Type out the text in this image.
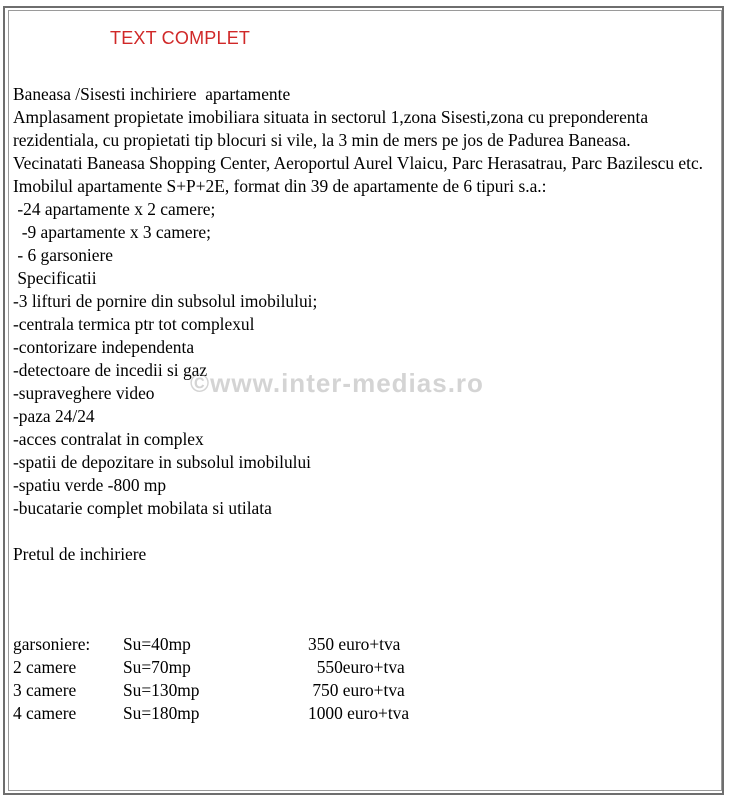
TEXT COMPLET
Baneasa /Sisesti inchiriere  apartamente
Amplasament propietate imobiliara situata in sectorul 1,zona Sisesti,zona cu preponderenta rezidentiala, cu propietati tip blocuri si vile, la 3 min de mers pe jos de Padurea Baneasa.
Vecinatati Baneasa Shopping Center, Aeroportul Aurel Vlaicu, Parc Herasatrau, Parc Bazilescu etc.
Imobilul apartamente S+P+2E, format din 39 de apartamente de 6 tipuri s.a.:
-24 apartamente x 2 camere;
-9 apartamente x 3 camere;
- 6 garsoniere
Specificatii
-3 lifturi de pornire din subsolul imobilului;
-centrala termica ptr tot complexul
-contorizare independenta
-detectoare de incedii si gaz
-supraveghere video
-paza 24/24
-acces contralat in complex
-spatii de depozitare in subsolul imobilului
-spatiu verde -800 mp
-bucatarie complet mobilata si utilata
Pretul de inchiriere
©www.inter-medias.ro
garsoniere: Su=40mp	350 euro+tva
2 camere	Su=70mp	550euro+tva
3 camere	Su=130mp	750 euro+tva
4 camere	Su=180mp	1000 euro+tva
